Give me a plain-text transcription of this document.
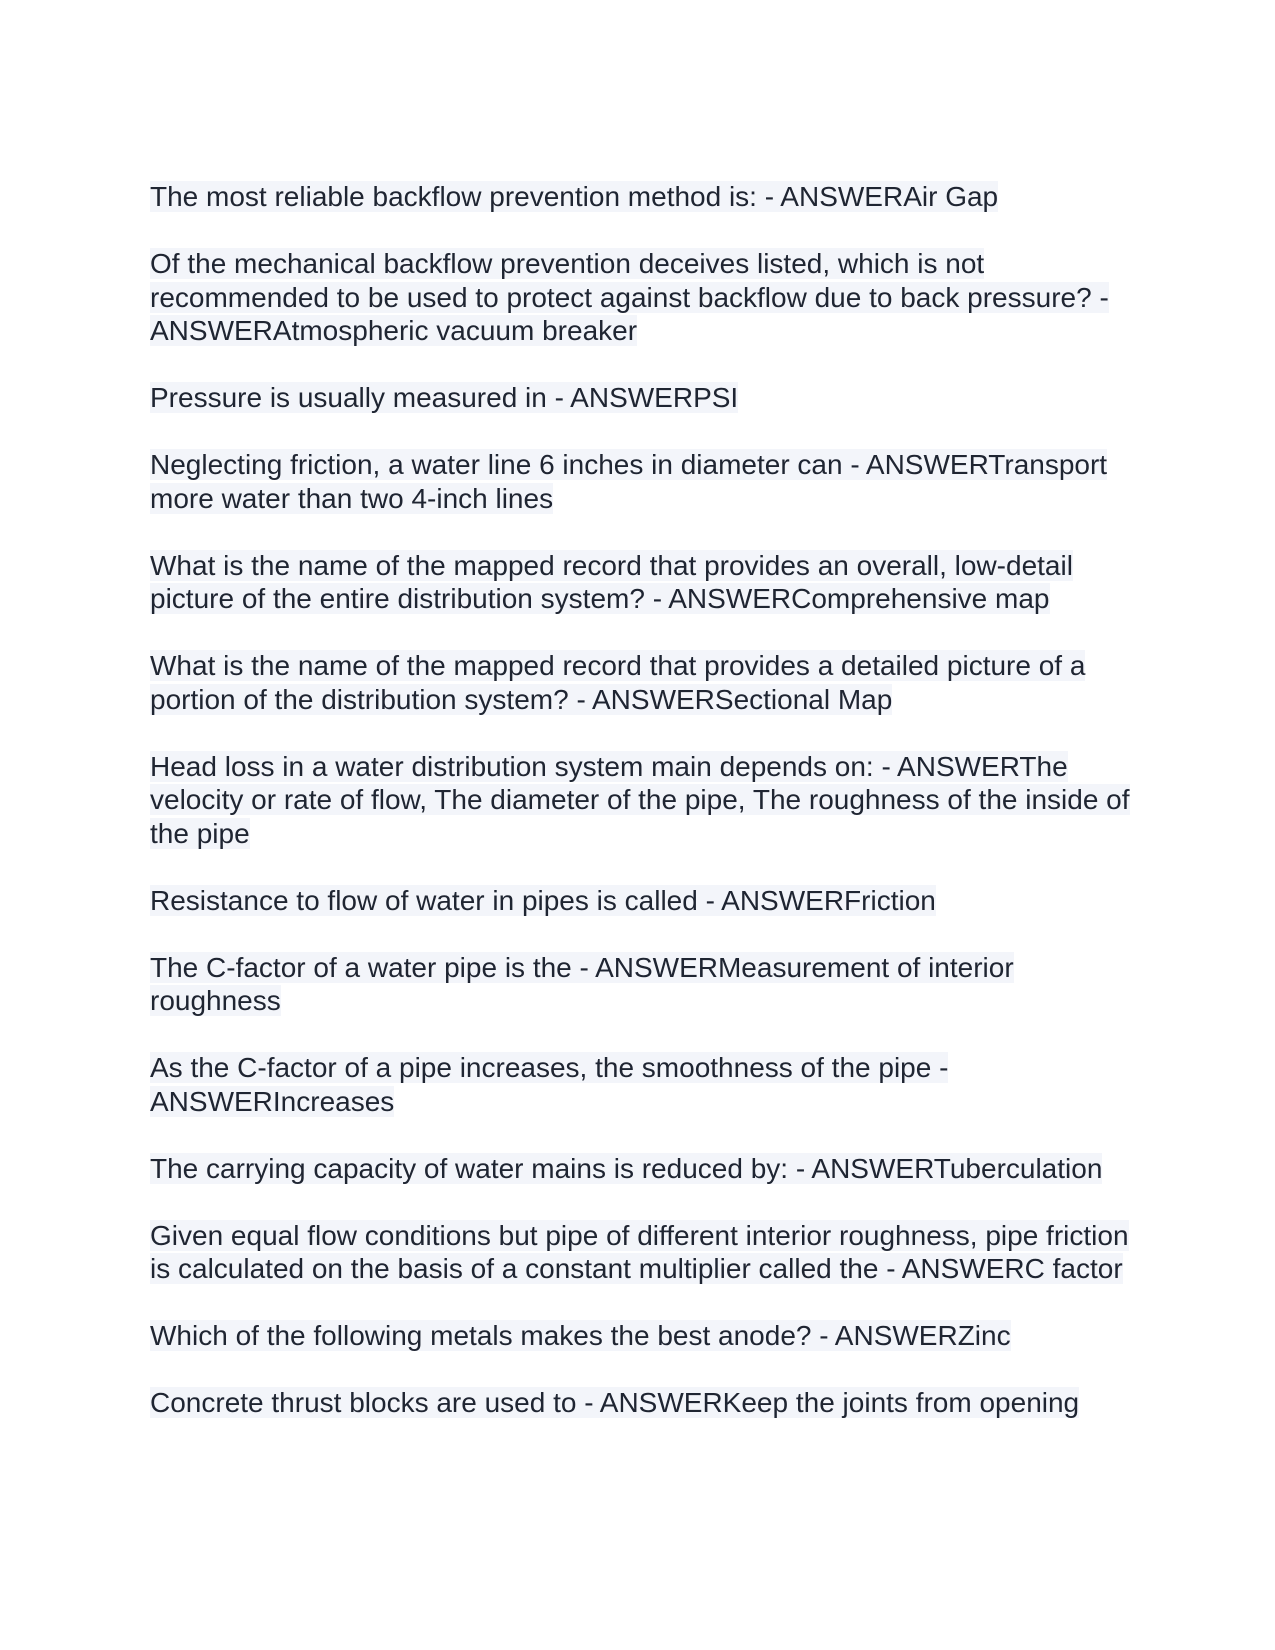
The most reliable backflow prevention method is: - ANSWERAir Gap

Of the mechanical backflow prevention deceives listed, which is not recommended to be used to protect against backflow due to back pressure? - ANSWERAtmospheric vacuum breaker

Pressure is usually measured in - ANSWERPSI

Neglecting friction, a water line 6 inches in diameter can - ANSWERTransport more water than two 4-inch lines

What is the name of the mapped record that provides an overall, low-detail picture of the entire distribution system? - ANSWERComprehensive map

What is the name of the mapped record that provides a detailed picture of a portion of the distribution system? - ANSWERSectional Map

Head loss in a water distribution system main depends on: - ANSWERThe velocity or rate of flow, The diameter of the pipe, The roughness of the inside of the pipe

Resistance to flow of water in pipes is called - ANSWERFriction

The C-factor of a water pipe is the - ANSWERMeasurement of interior roughness

As the C-factor of a pipe increases, the smoothness of the pipe - ANSWERIncreases

The carrying capacity of water mains is reduced by: - ANSWERTuberculation

Given equal flow conditions but pipe of different interior roughness, pipe friction is calculated on the basis of a constant multiplier called the - ANSWERC factor

Which of the following metals makes the best anode? - ANSWERZinc

Concrete thrust blocks are used to - ANSWERKeep the joints from opening
